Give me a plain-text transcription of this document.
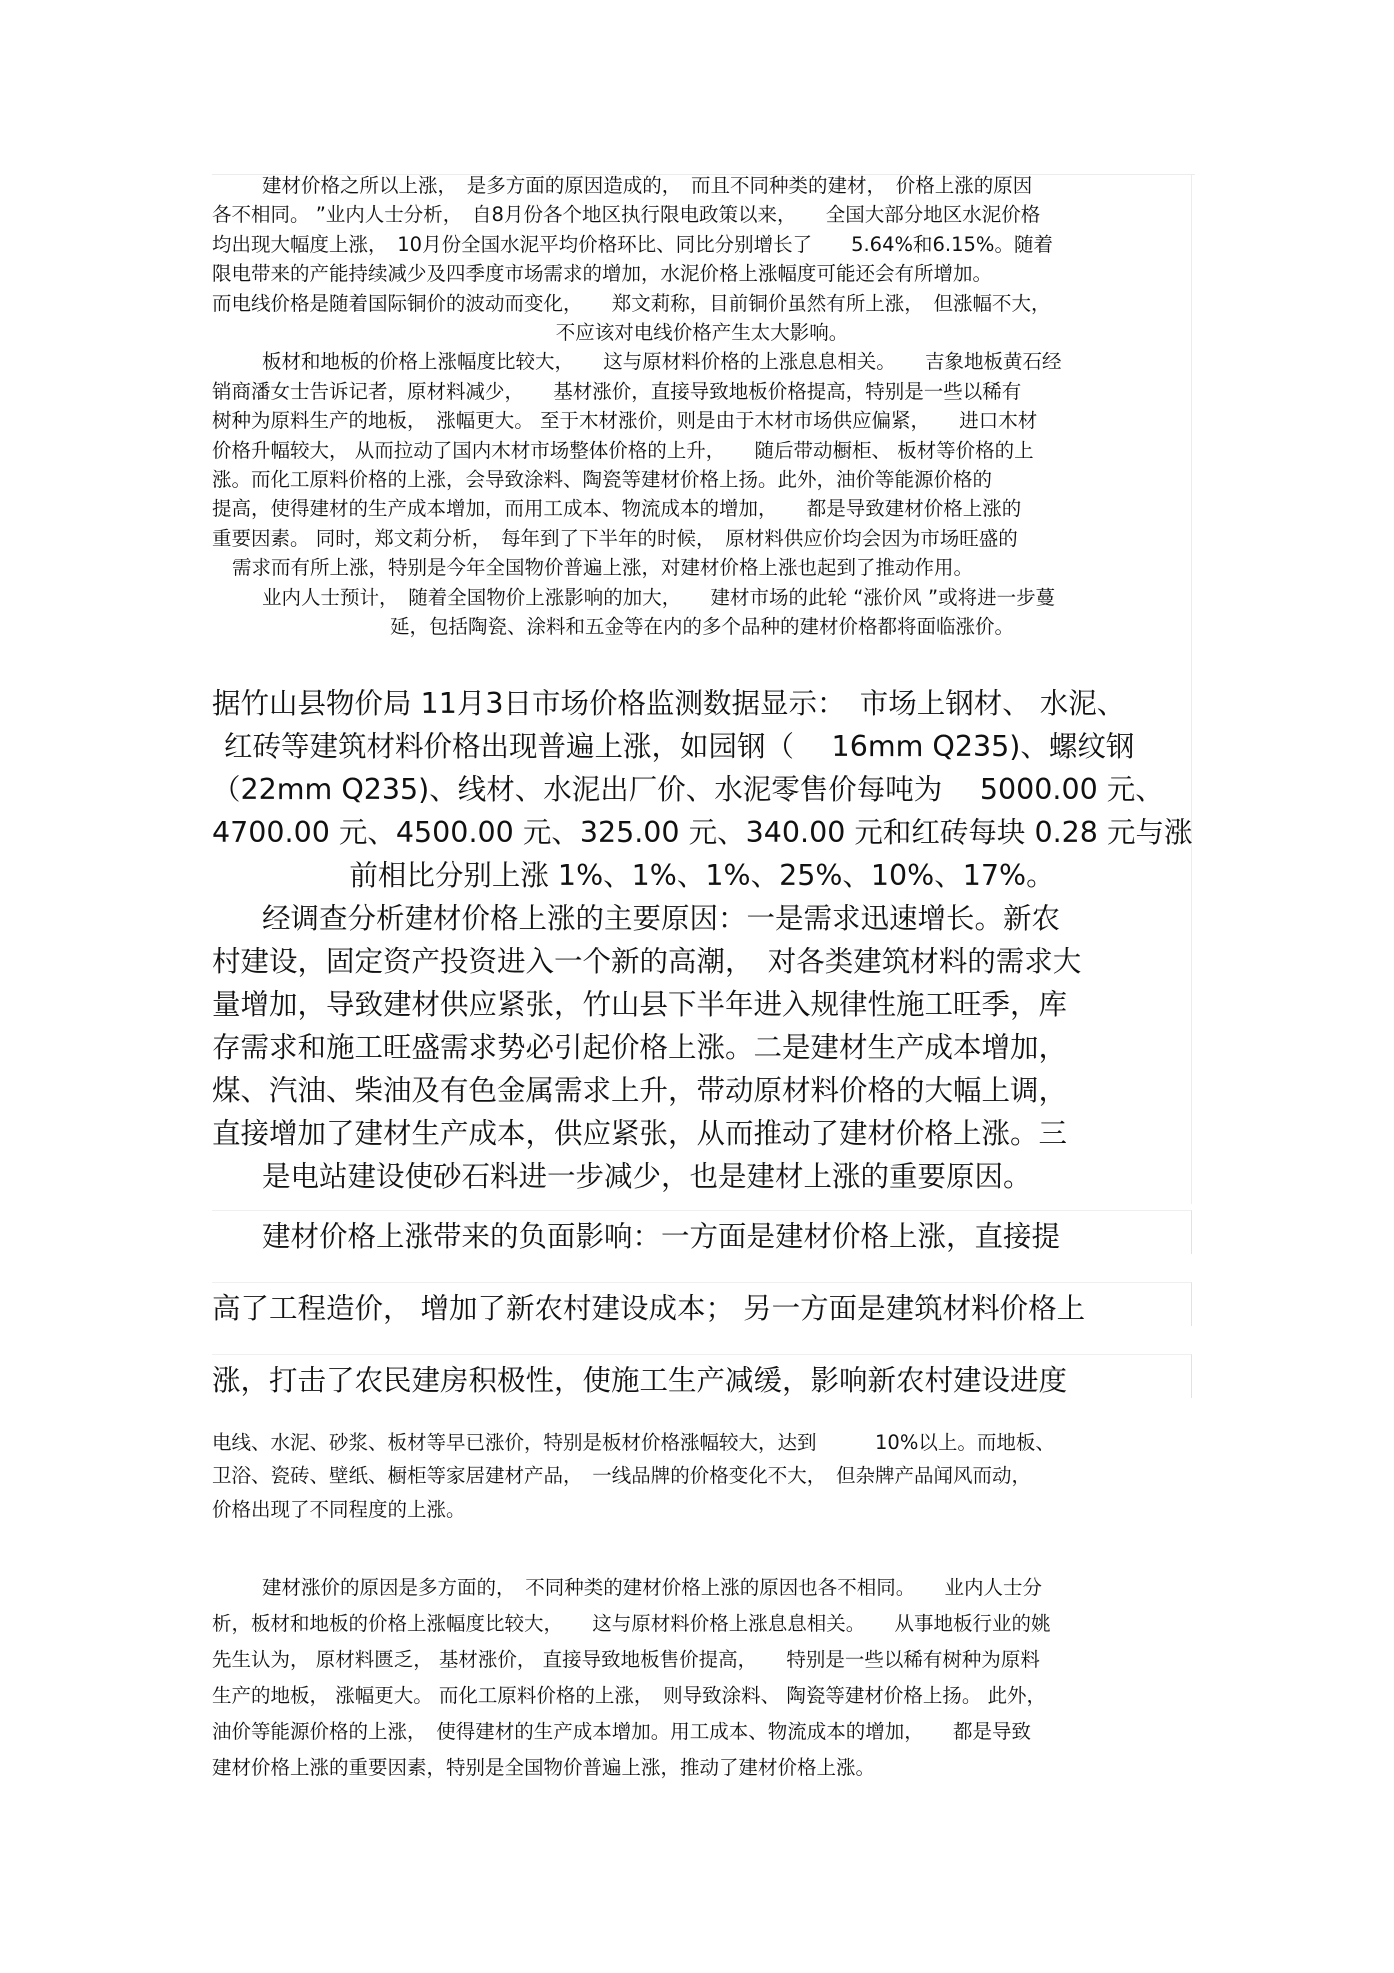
建材价格之所以上涨，　是多方面的原因造成的，　而且不同种类的建材，　价格上涨的原因
各不相同。 ”业内人士分析，　自8月份各个地区执行限电政策以来，　　全国大部分地区水泥价格
均出现大幅度上涨，　10月份全国水泥平均价格环比、同比分别增长了　　5.64%和6.15%。随着
限电带来的产能持续减少及四季度市场需求的增加，水泥价格上涨幅度可能还会有所增加。
而电线价格是随着国际铜价的波动而变化，　　郑文莉称，目前铜价虽然有所上涨，　但涨幅不大，
不应该对电线价格产生太大影响。
板材和地板的价格上涨幅度比较大，　　这与原材料价格的上涨息息相关。　　吉象地板黄石经
销商潘女士告诉记者，原材料减少，　　基材涨价，直接导致地板价格提高，特别是一些以稀有
树种为原料生产的地板，　涨幅更大。 至于木材涨价，则是由于木材市场供应偏紧，　　进口木材
价格升幅较大， 从而拉动了国内木材市场整体价格的上升，　　随后带动橱柜、 板材等价格的上
涨。而化工原料价格的上涨，会导致涂料、陶瓷等建材价格上扬。此外，油价等能源价格的
提高，使得建材的生产成本增加，而用工成本、物流成本的增加，　　都是导致建材价格上涨的
重要因素。 同时，郑文莉分析，　每年到了下半年的时候，　原材料供应价均会因为市场旺盛的
需求而有所上涨，特别是今年全国物价普遍上涨，对建材价格上涨也起到了推动作用。
业内人士预计，　随着全国物价上涨影响的加大，　　建材市场的此轮 “涨价风 ”或将进一步蔓
延，包括陶瓷、涂料和五金等在内的多个品种的建材价格都将面临涨价。
据竹山县物价局 11月3日市场价格监测数据显示：　市场上钢材、 水泥、
红砖等建筑材料价格出现普遍上涨，如园钢（　 16mm Q235)、螺纹钢
（22mm Q235)、线材、水泥出厂价、水泥零售价每吨为　 5000.00 元、
4700.00 元、4500.00 元、325.00 元、340.00 元和红砖每块 0.28 元与涨
前相比分别上涨 1%、1%、1%、25%、10%、17%。
经调查分析建材价格上涨的主要原因：一是需求迅速增长。新农
村建设，固定资产投资进入一个新的高潮，　对各类建筑材料的需求大
量增加，导致建材供应紧张，竹山县下半年进入规律性施工旺季，库
存需求和施工旺盛需求势必引起价格上涨。二是建材生产成本增加，
煤、汽油、柴油及有色金属需求上升，带动原材料价格的大幅上调，
直接增加了建材生产成本，供应紧张，从而推动了建材价格上涨。三
是电站建设使砂石料进一步减少，也是建材上涨的重要原因。
建材价格上涨带来的负面影响：一方面是建材价格上涨，直接提
高了工程造价， 增加了新农村建设成本； 另一方面是建筑材料价格上
涨，打击了农民建房积极性，使施工生产减缓，影响新农村建设进度
电线、水泥、砂浆、板材等早已涨价，特别是板材价格涨幅较大，达到　　　10%以上。而地板、
卫浴、瓷砖、壁纸、橱柜等家居建材产品，　一线品牌的价格变化不大，　但杂牌产品闻风而动，
价格出现了不同程度的上涨。
建材涨价的原因是多方面的，　不同种类的建材价格上涨的原因也各不相同。　　业内人士分
析，板材和地板的价格上涨幅度比较大，　　这与原材料价格上涨息息相关。　　从事地板行业的姚
先生认为， 原材料匮乏， 基材涨价， 直接导致地板售价提高，　　特别是一些以稀有树种为原料
生产的地板， 涨幅更大。 而化工原料价格的上涨，　则导致涂料、 陶瓷等建材价格上扬。 此外，
油价等能源价格的上涨，　使得建材的生产成本增加。用工成本、物流成本的增加，　　都是导致
建材价格上涨的重要因素，特别是全国物价普遍上涨，推动了建材价格上涨。
